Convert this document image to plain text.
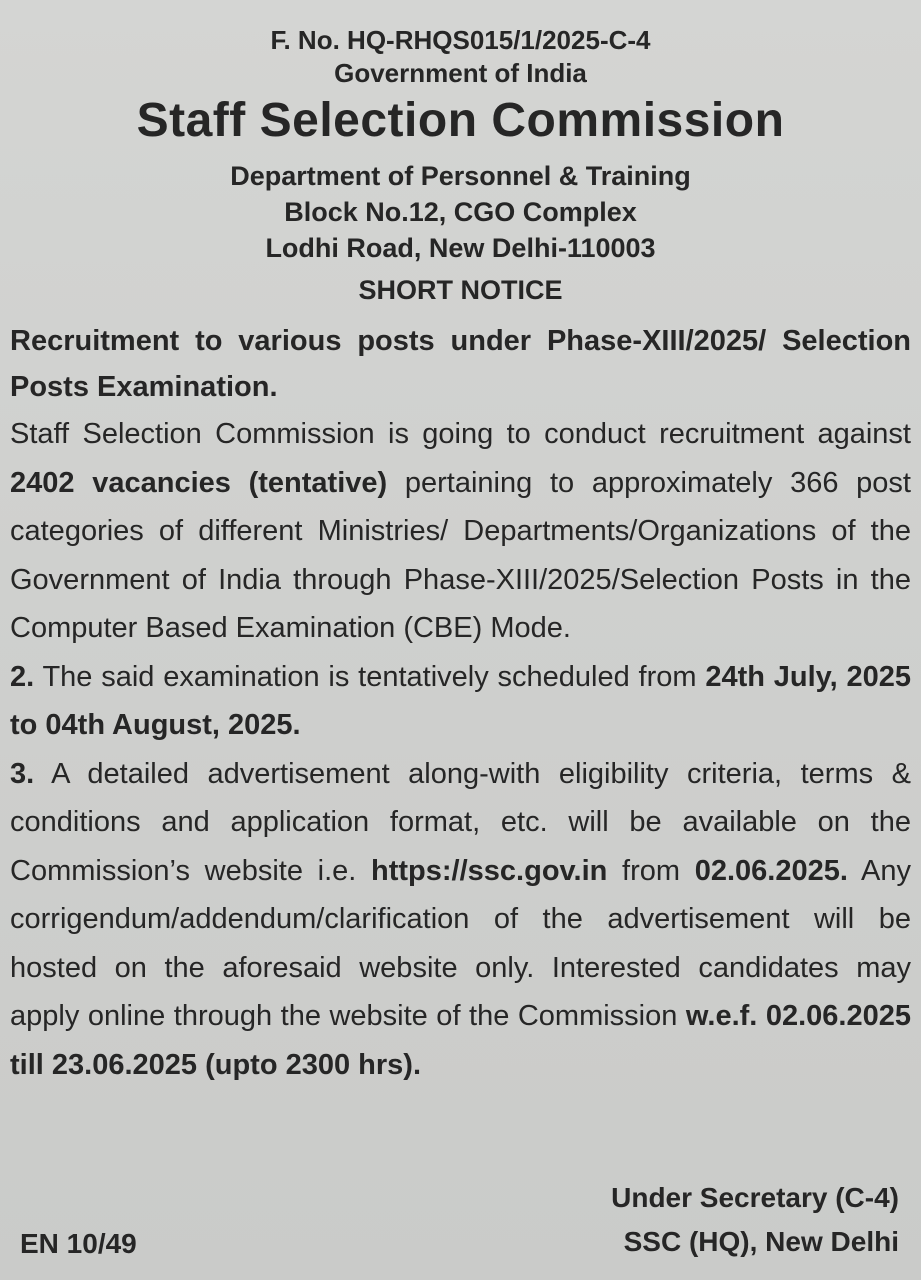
F. No. HQ-RHQS015/1/2025-C-4
Government of India
Staff Selection Commission
Department of Personnel & Training
Block No.12, CGO Complex
Lodhi Road, New Delhi-110003
SHORT NOTICE
Recruitment to various posts under Phase-XIII/2025/ Selection Posts Examination.

Staff Selection Commission is going to conduct recruitment against 2402 vacancies (tentative) pertaining to approximately 366 post categories of different Ministries/ Departments/Organizations of the Government of India through Phase-XIII/2025/Selection Posts in the Computer Based Examination (CBE) Mode.

2. The said examination is tentatively scheduled from 24th July, 2025 to 04th August, 2025.

3. A detailed advertisement along-with eligibility criteria, terms & conditions and application format, etc. will be available on the Commission’s website i.e. https://ssc.gov.in from 02.06.2025. Any corrigendum/addendum/clarification of the advertisement will be hosted on the aforesaid website only. Interested candidates may apply online through the website of the Commission w.e.f. 02.06.2025 till 23.06.2025 (upto 2300 hrs).

Under Secretary (C-4)
SSC (HQ), New Delhi
EN 10/49
